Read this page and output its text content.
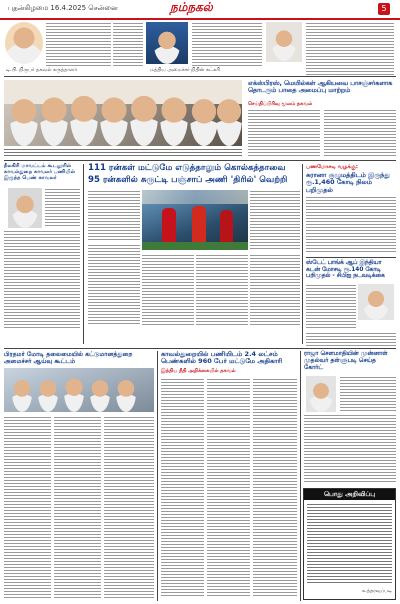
புதன்கிழமை 16.4.2025 சென்னை	நம்நகல்	5
டி.பி. நிருபர் தகவல் கருத்தாளர்	மத்திய அமைச்சர் நிதின் கட்கரி
எக்ஸ்பிரஸ், மெயில்கள் ஆகியவை பாசஞ்சர்களாக தொடரும் பாதை அமைப்பு மாற்றம்
செய்திப்பிரிவு மூலம் தகவல்
நீலகிரி மாவட்டம் கூடலூரில் காவல்துறை காவலர் பணியில் இருந்த பெண் காவலர்
111 ரன்கள் மட்டுமே எடுத்தாலும் கொல்கத்தாவை
95 ரன்களில் சுருட்டி பஞ்சாப் அணி 'திரில்' வெற்றி
பணமோசடி வழக்கு:
சுரானா குழுமத்திடம் இருந்து ரூ.1,460 கோடி நிலம் பறிமுதல்
ஸ்டேட் பாங்க் ஆப் இந்தியா கடன் மோசடி ரூ.140 கோடி பறிமுதல் - சிபிஐ நடவடிக்கை
பிரதமர் மோடி தலைமையில் கட்டுமானத்துறை அமைச்சர் ஆய்வு கூட்டம்
காவல்துறையில் பணியிடம் 2.4 லட்சம் பெண்களில் 960 பேர் மட்டுமே அதிகாரி
இந்திய நீதி அறிக்கையில் தகவல்
ராஜா சௌமாதியின் முன்னாள் முதல்வர் தள்ளுபடி செய்த கோர்ட்
பொது அறிவிப்பு
உத்தரவுப்படி
